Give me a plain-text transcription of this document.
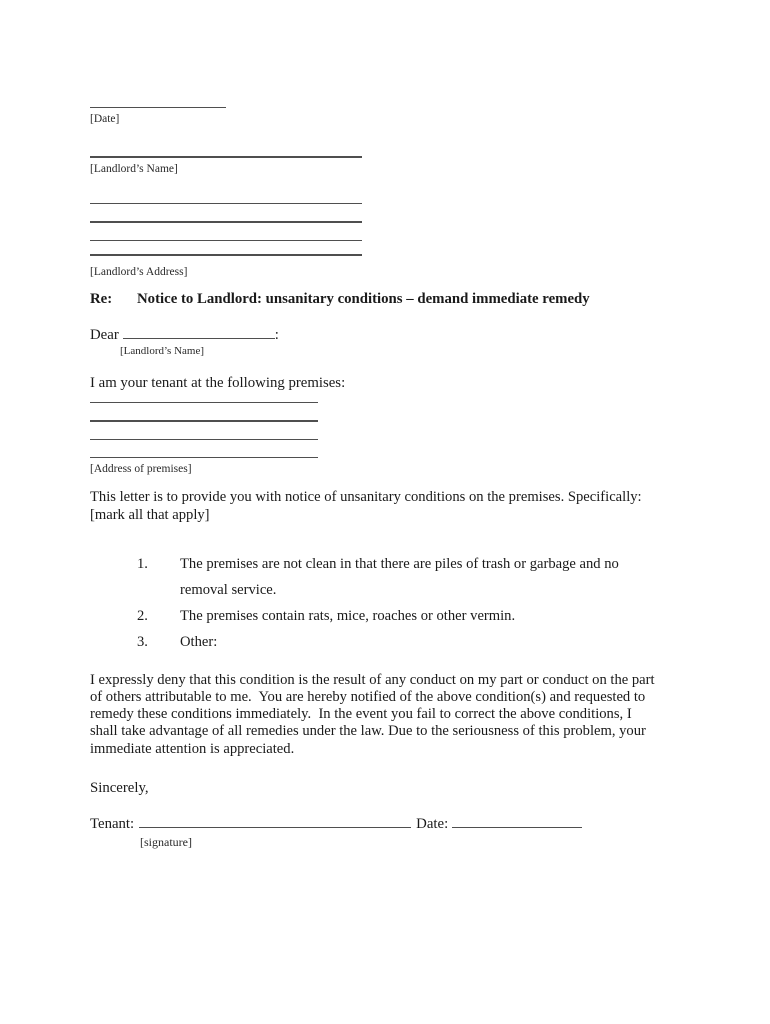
[Date]
[Landlord’s Name]
[Landlord’s Address]
Re: Notice to Landlord: unsanitary conditions – demand immediate remedy
Dear	:
[Landlord’s Name]
I am your tenant at the following premises:
[Address of premises]
This letter is to provide you with notice of unsanitary conditions on the premises. Specifically:
[mark all that apply]
1. The premises are not clean in that there are piles of trash or garbage and no removal service.
2. The premises contain rats, mice, roaches or other vermin.
3. Other:
I expressly deny that this condition is the result of any conduct on my part or conduct on the part
of others attributable to me.  You are hereby notified of the above condition(s) and requested to
remedy these conditions immediately.  In the event you fail to correct the above conditions, I
shall take advantage of all remedies under the law. Due to the seriousness of this problem, your
immediate attention is appreciated.
Sincerely,
Tenant:	Date:
[signature]
